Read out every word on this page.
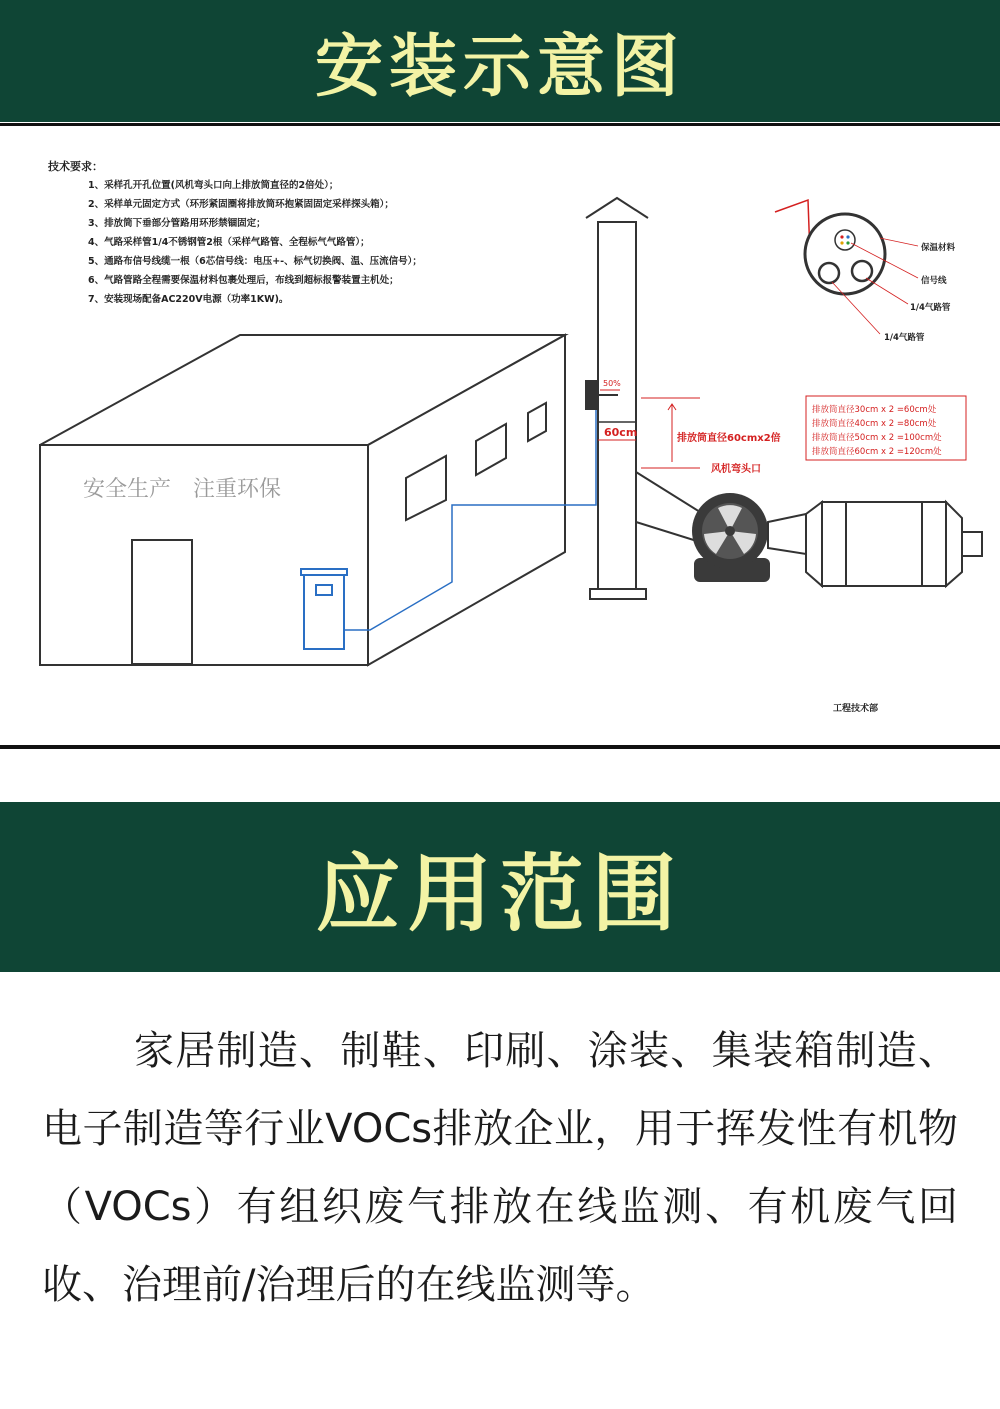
安装示意图
技术要求：
1、采样孔开孔位置(风机弯头口向上排放筒直径的2倍处）；
2、采样单元固定方式（环形紧固圈将排放筒环抱紧固固定采样探头箱）；
3、排放筒下垂部分管路用环形禁锢固定；
4、气路采样管1/4不锈钢管2根（采样气路管、全程标气气路管）；
5、通路布信号线缆一根（6芯信号线：电压+-、标气切换阀、温、压流信号）；
6、气路管路全程需要保温材料包裹处理后，布线到超标报警装置主机处；
7、安装现场配备AC220V电源（功率1KW)。
安全生产　注重环保
50%
60cm	排放筒直径60cmx2倍
风机弯头口
排放筒直径30cm x 2 =60cm处
排放筒直径40cm x 2 =80cm处
排放筒直径50cm x 2 =100cm处
排放筒直径60cm x 2 =120cm处
保温材料
信号线
1/4气路管
1/4气路管
工程技术部
应用范围
家居制造、制鞋、印刷、涂装、集装箱制造、电子制造等行业VOCs排放企业，用于挥发性有机物（VOCs）有组织废气排放在线监测、有机废气回收、治理前/治理后的在线监测等。
